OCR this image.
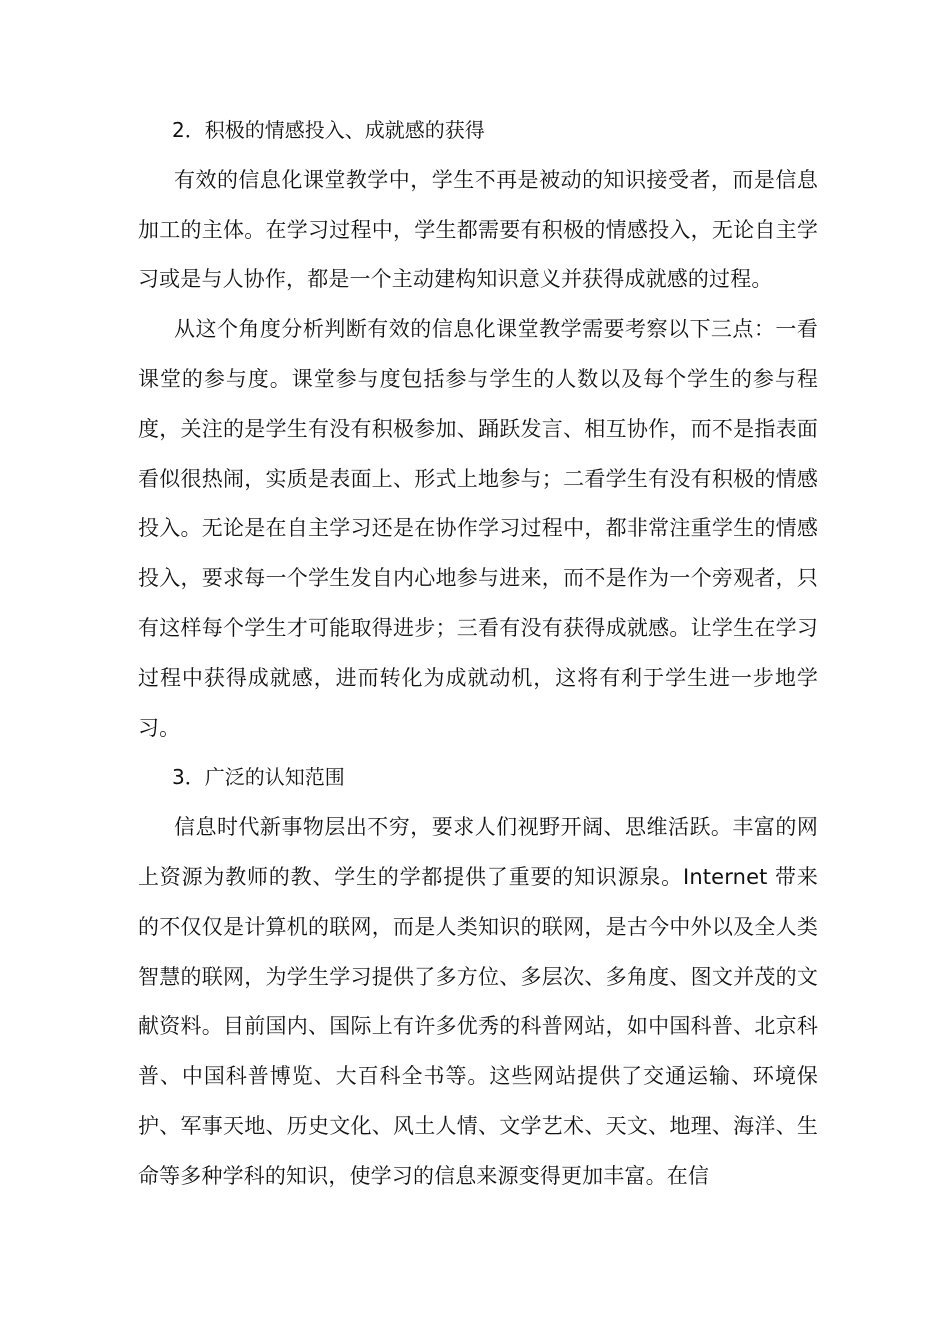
2．积极的情感投入、成就感的获得

有效的信息化课堂教学中，学生不再是被动的知识接受者，而是信息加工的主体。在学习过程中，学生都需要有积极的情感投入，无论自主学习或是与人协作，都是一个主动建构知识意义并获得成就感的过程。

从这个角度分析判断有效的信息化课堂教学需要考察以下三点：一看课堂的参与度。课堂参与度包括参与学生的人数以及每个学生的参与程度，关注的是学生有没有积极参加、踊跃发言、相互协作，而不是指表面看似很热闹，实质是表面上、形式上地参与；二看学生有没有积极的情感投入。无论是在自主学习还是在协作学习过程中，都非常注重学生的情感投入，要求每一个学生发自内心地参与进来，而不是作为一个旁观者，只有这样每个学生才可能取得进步；三看有没有获得成就感。让学生在学习过程中获得成就感，进而转化为成就动机，这将有利于学生进一步地学习。

3．广泛的认知范围

信息时代新事物层出不穷，要求人们视野开阔、思维活跃。丰富的网上资源为教师的教、学生的学都提供了重要的知识源泉。Internet 带来的不仅仅是计算机的联网，而是人类知识的联网，是古今中外以及全人类智慧的联网，为学生学习提供了多方位、多层次、多角度、图文并茂的文献资料。目前国内、国际上有许多优秀的科普网站，如中国科普、北京科普、中国科普博览、大百科全书等。这些网站提供了交通运输、环境保护、军事天地、历史文化、风土人情、文学艺术、天文、地理、海洋、生命等多种学科的知识，使学习的信息来源变得更加丰富。在信
